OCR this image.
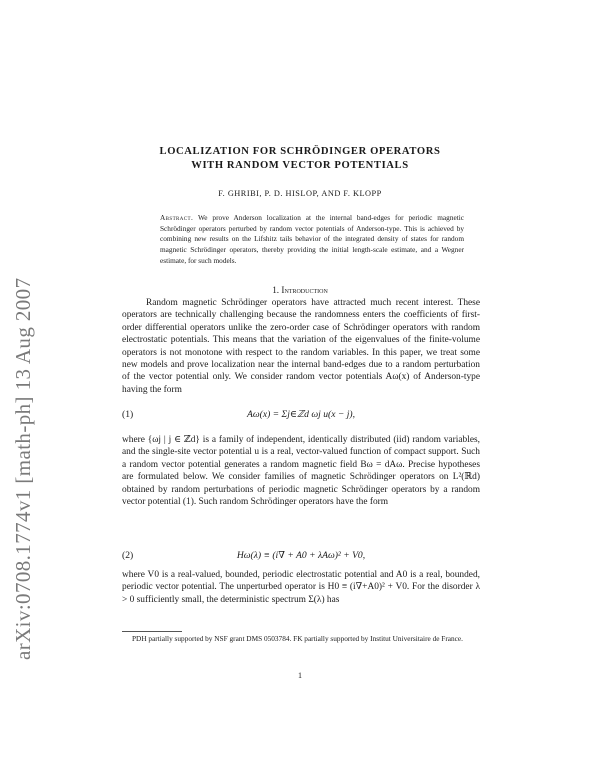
arXiv:0708.1774v1 [math-ph] 13 Aug 2007
LOCALIZATION FOR SCHRÖDINGER OPERATORS
WITH RANDOM VECTOR POTENTIALS
F. GHRIBI, P. D. HISLOP, AND F. KLOPP
Abstract. We prove Anderson localization at the internal band-edges for periodic magnetic Schrödinger operators perturbed by random vector potentials of Anderson-type. This is achieved by combining new results on the Lifshitz tails behavior of the integrated density of states for random magnetic Schrödinger operators, thereby providing the initial length-scale estimate, and a Wegner estimate, for such models.
1. Introduction
Random magnetic Schrödinger operators have attracted much recent interest. These operators are technically challenging because the randomness enters the coefficients of first-order differential operators unlike the zero-order case of Schrödinger operators with random electrostatic potentials. This means that the variation of the eigenvalues of the finite-volume operators is not monotone with respect to the random variables. In this paper, we treat some new models and prove localization near the internal band-edges due to a random perturbation of the vector potential only. We consider random vector potentials Aω(x) of Anderson-type having the form
(1)	Aω(x) = Σj∈ℤd ωj u(x − j),
where {ωj | j ∈ ℤd} is a family of independent, identically distributed (iid) random variables, and the single-site vector potential u is a real, vector-valued function of compact support. Such a random vector potential generates a random magnetic field Bω = dAω. Precise hypotheses are formulated below. We consider families of magnetic Schrödinger operators on L²(ℝd) obtained by random perturbations of periodic magnetic Schrödinger operators by a random vector potential (1). Such random Schrödinger operators have the form
(2)	Hω(λ) ≡ (i∇ + A0 + λAω)² + V0,
where V0 is a real-valued, bounded, periodic electrostatic potential and A0 is a real, bounded, periodic vector potential. The unperturbed operator is H0 ≡ (i∇+A0)² + V0. For the disorder λ > 0 sufficiently small, the deterministic spectrum Σ(λ) has
PDH partially supported by NSF grant DMS 0503784. FK partially supported by Institut Universitaire de France.
1
